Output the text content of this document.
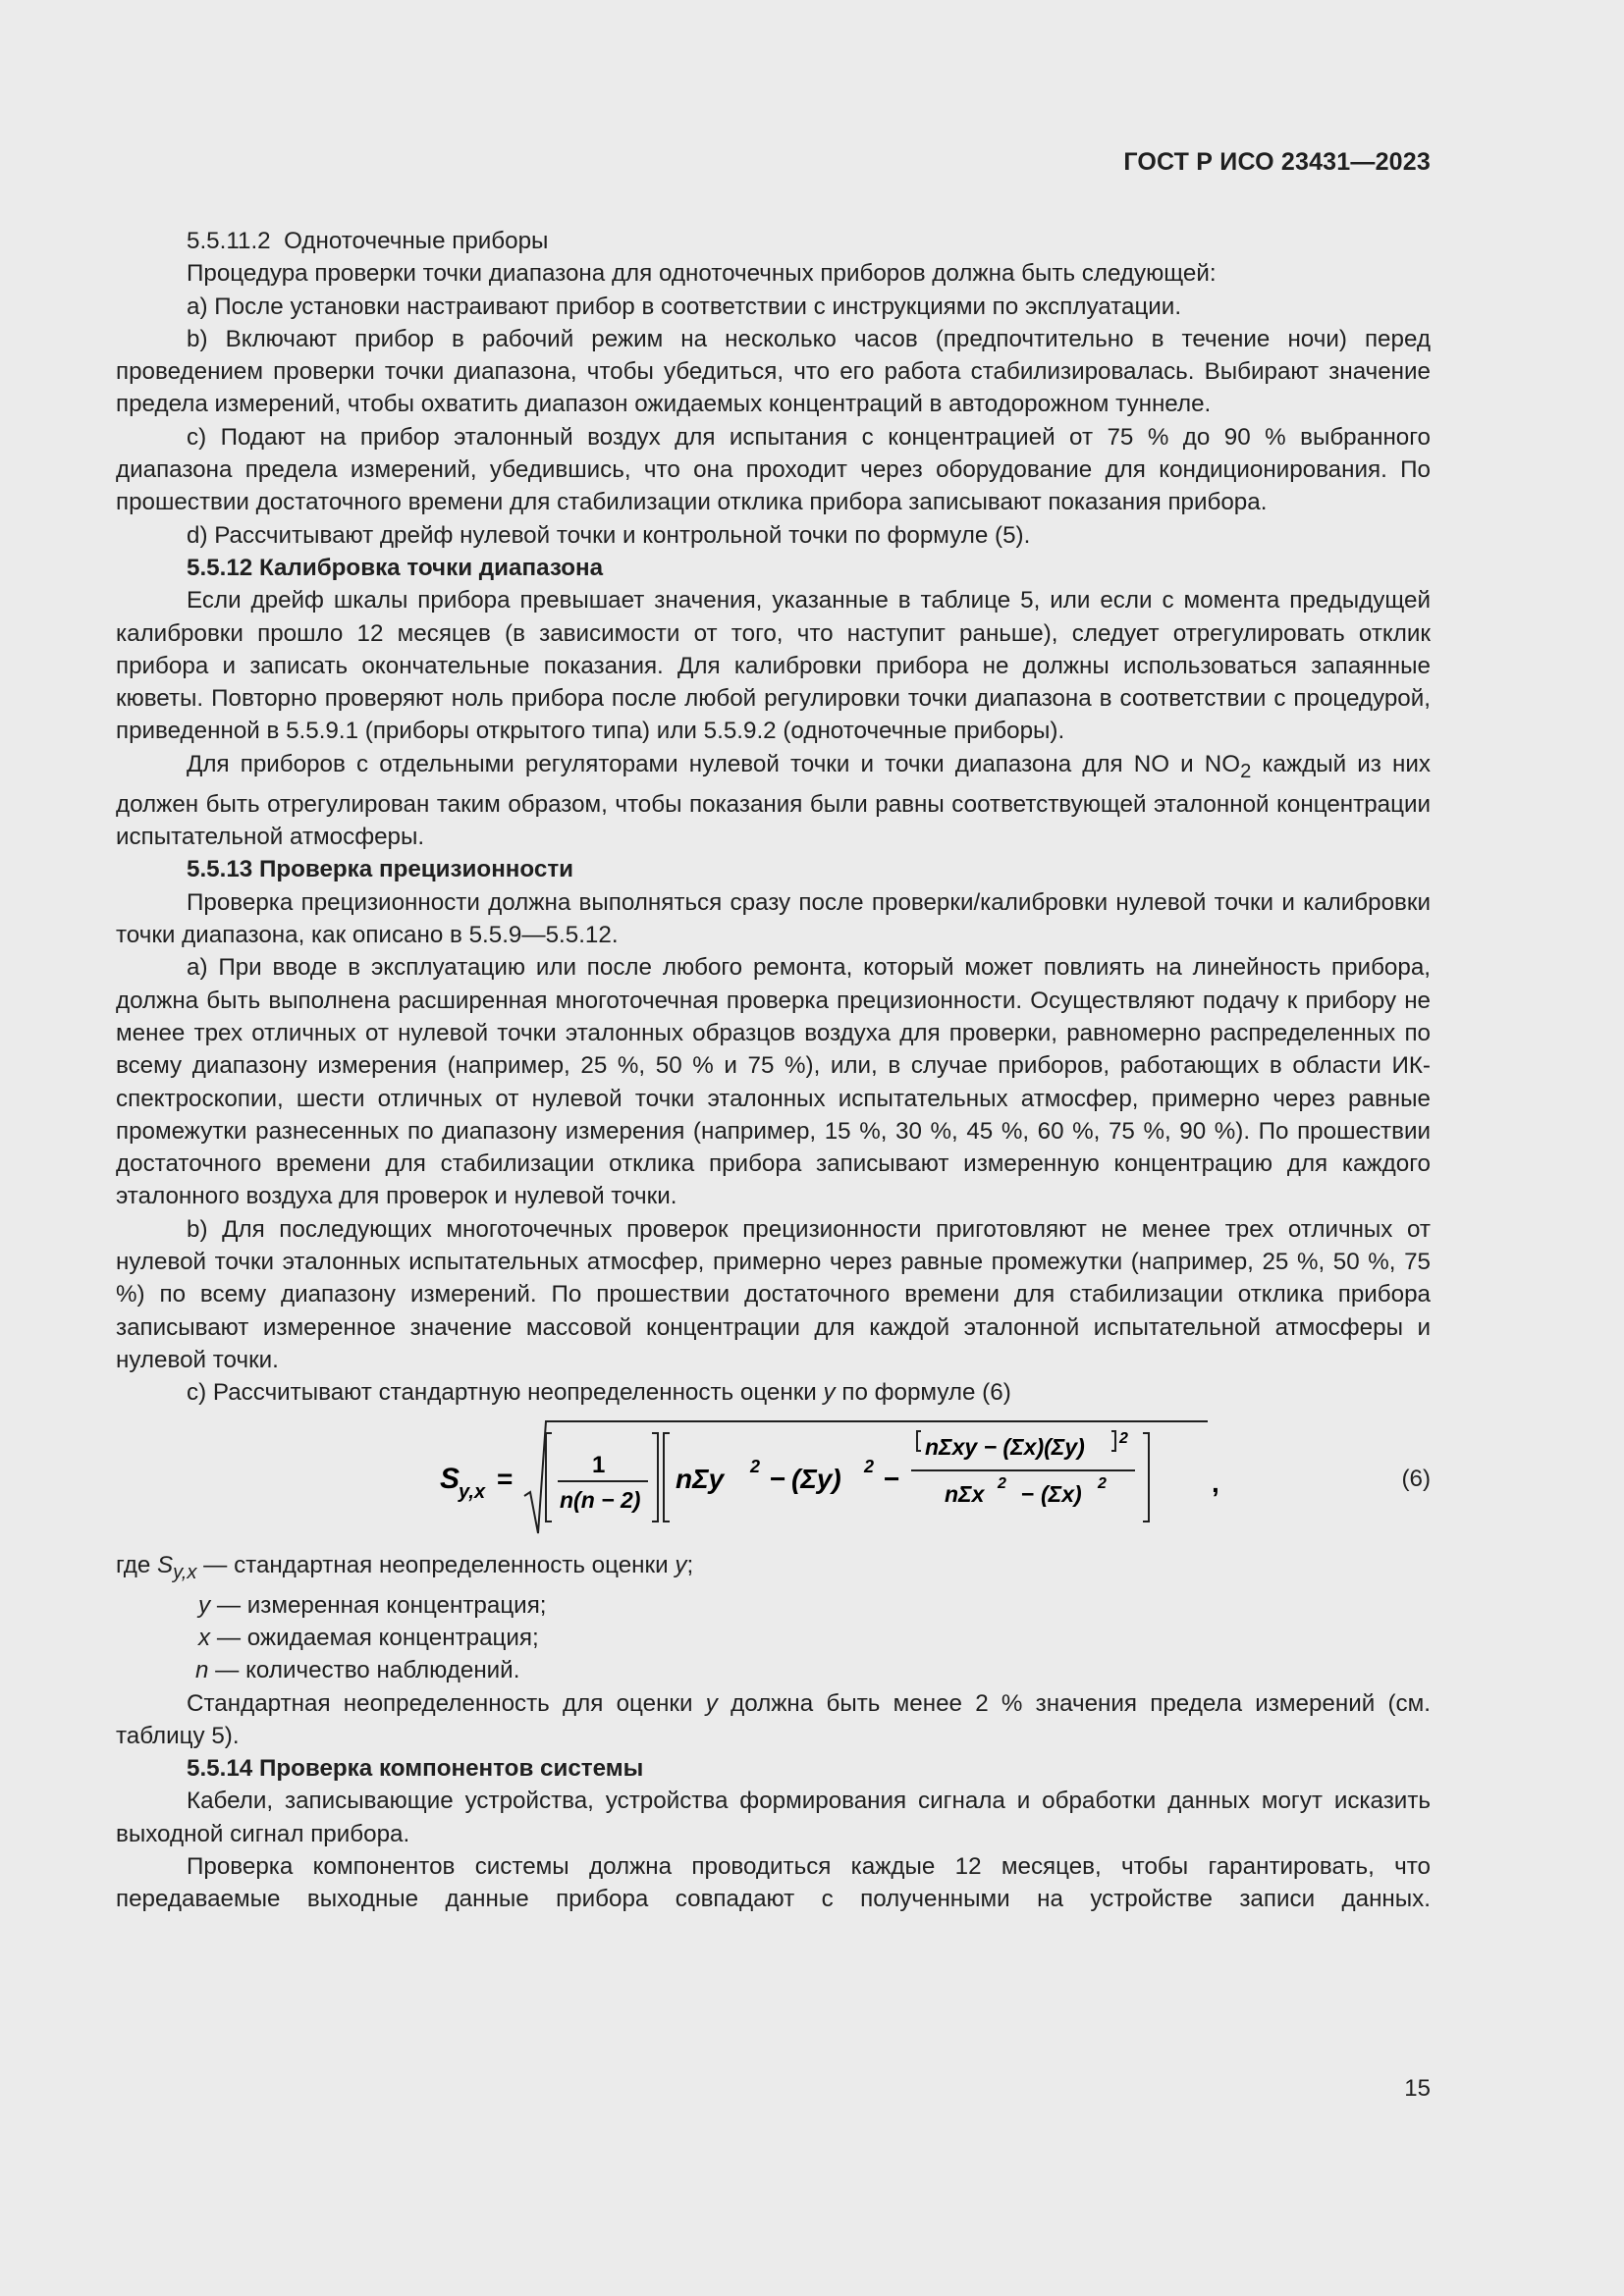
ГОСТ Р ИСО 23431—2023

5.5.11.2 Одноточечные приборы

Процедура проверки точки диапазона для одноточечных приборов должна быть следующей:

a) После установки настраивают прибор в соответствии с инструкциями по эксплуатации.

b) Включают прибор в рабочий режим на несколько часов (предпочтительно в течение ночи) перед проведением проверки точки диапазона, чтобы убедиться, что его работа стабилизировалась. Выбирают значение предела измерений, чтобы охватить диапазон ожидаемых концентраций в автодорожном туннеле.

c) Подают на прибор эталонный воздух для испытания с концентрацией от 75 % до 90 % выбранного диапазона предела измерений, убедившись, что она проходит через оборудование для кондиционирования. По прошествии достаточного времени для стабилизации отклика прибора записывают показания прибора.

d) Рассчитывают дрейф нулевой точки и контрольной точки по формуле (5).

5.5.12 Калибровка точки диапазона

Если дрейф шкалы прибора превышает значения, указанные в таблице 5, или если с момента предыдущей калибровки прошло 12 месяцев (в зависимости от того, что наступит раньше), следует отрегулировать отклик прибора и записать окончательные показания. Для калибровки прибора не должны использоваться запаянные кюветы. Повторно проверяют ноль прибора после любой регулировки точки диапазона в соответствии с процедурой, приведенной в 5.5.9.1 (приборы открытого типа) или 5.5.9.2 (одноточечные приборы).

Для приборов с отдельными регуляторами нулевой точки и точки диапазона для NO и $NO_2$ каждый из них должен быть отрегулирован таким образом, чтобы показания были равны соответствующей эталонной концентрации испытательной атмосферы.

5.5.13 Проверка прецизионности

Проверка прецизионности должна выполняться сразу после проверки/калибровки нулевой точки и калибровки точки диапазона, как описано в 5.5.9—5.5.12.

a) При вводе в эксплуатацию или после любого ремонта, который может повлиять на линейность прибора, должна быть выполнена расширенная многоточечная проверка прецизионности. Осуществляют подачу к прибору не менее трех отличных от нулевой точки эталонных образцов воздуха для проверки, равномерно распределенных по всему диапазону измерения (например, 25 %, 50 % и 75 %), или, в случае приборов, работающих в области ИК-спектроскопии, шести отличных от нулевой точки эталонных испытательных атмосфер, примерно через равные промежутки разнесенных по диапазону измерения (например, 15 %, 30 %, 45 %, 60 %, 75 %, 90 %). По прошествии достаточного времени для стабилизации отклика прибора записывают измеренную концентрацию для каждого эталонного воздуха для проверок и нулевой точки.

b) Для последующих многоточечных проверок прецизионности приготовляют не менее трех отличных от нулевой точки эталонных испытательных атмосфер, примерно через равные промежутки (например, 25 %, 50 %, 75 %) по всему диапазону измерений. По прошествии достаточного времени для стабилизации отклика прибора записывают измеренное значение массовой концентрации для каждой эталонной испытательной атмосферы и нулевой точки.

c) Рассчитывают стандартную неопределенность оценки y по формуле (6)

S
y,x =	1
n(n − 2)
nΣy 2 − (Σy) 2 −
nΣxy − (Σx)(Σy) 2
nΣx 2 − (Σx) 2	,	(6)
где $S_{y,x}$ — стандартная неопределенность оценки y;
y — измеренная концентрация;
x — ожидаемая концентрация;
n — количество наблюдений.

Стандартная неопределенность для оценки y должна быть менее 2 % значения предела измерений (см. таблицу 5).

5.5.14 Проверка компонентов системы

Кабели, записывающие устройства, устройства формирования сигнала и обработки данных могут исказить выходной сигнал прибора.

Проверка компонентов системы должна проводиться каждые 12 месяцев, чтобы гарантировать, что передаваемые выходные данные прибора совпадают с полученными на устройстве записи данных.

15
